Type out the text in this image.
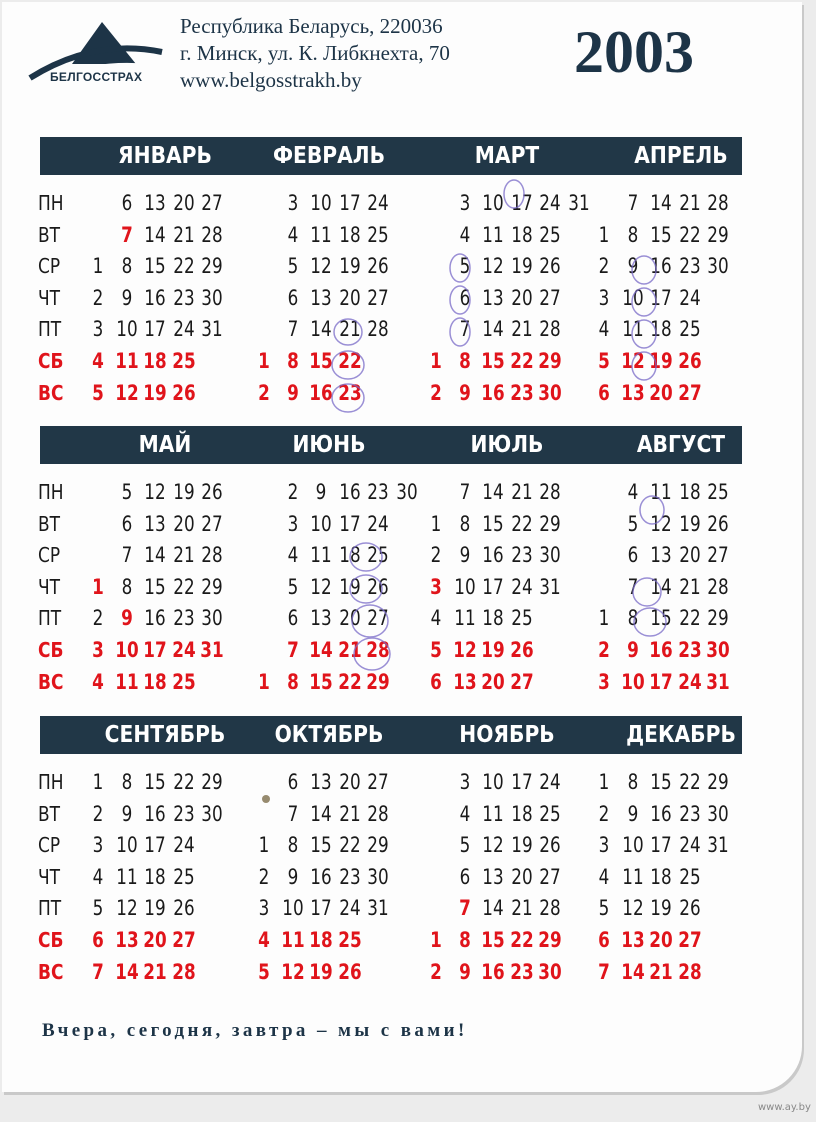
БЕЛГОССТРАХ
Республика Беларусь, 220036
г. Минск, ул. К. Либкнехта, 70
www.belgosstrakh.by	2003
ПН
ВТ
СР
ЧТ
ПТ
СБ
ВС
ЯНВАРЬ
1
2
3
4
5
6
7
8
9
10
11
12
13
14
15
16
17
18
19
20
21
22
23
24
25
26
27
28
29
30
31
ФЕВРАЛЬ
1
2
3
4
5
6
7
8
9
10
11
12
13
14
15
16
17
18
19
20
21
22
23
24
25
26
27
28
МАРТ
1
2
3
4
5
6
7
8
9
10
11
12
13
14
15
16
17
18
19
20
21
22
23
24
25
26
27
28
29
30
31
АПРЕЛЬ
1
2
3
4
5
6
7
8
9
10
11
12
13
14
15
16
17
18
19
20
21
22
23
24
25
26
27
28
29
30
ПН
ВТ
СР
ЧТ
ПТ
СБ
ВС
МАЙ
1
2
3
4
5
6
7
8
9
10
11
12
13
14
15
16
17
18
19
20
21
22
23
24
25
26
27
28
29
30
31
ИЮНЬ
1
2
3
4
5
6
7
8
9
10
11
12
13
14
15
16
17
18
19
20
21
22
23
24
25
26
27
28
29
30
ИЮЛЬ
1
2
3
4
5
6
7
8
9
10
11
12
13
14
15
16
17
18
19
20
21
22
23
24
25
26
27
28
29
30
31
АВГУСТ
1
2
3
4
5
6
7
8
9
10
11
12
13
14
15
16
17
18
19
20
21
22
23
24
25
26
27
28
29
30
31
ПН
ВТ
СР
ЧТ
ПТ
СБ
ВС
СЕНТЯБРЬ
1
2
3
4
5
6
7
8
9
10
11
12
13
14
15
16
17
18
19
20
21
22
23
24
25
26
27
28
29
30
ОКТЯБРЬ
1
2
3
4
5
6
7
8
9
10
11
12
13
14
15
16
17
18
19
20
21
22
23
24
25
26
27
28
29
30
31
НОЯБРЬ
1
2
3
4
5
6
7
8
9
10
11
12
13
14
15
16
17
18
19
20
21
22
23
24
25
26
27
28
29
30
ДЕКАБРЬ
1
2
3
4
5
6
7
8
9
10
11
12
13
14
15
16
17
18
19
20
21
22
23
24
25
26
27
28
29
30
31
Вчера, сегодня, завтра – мы с вами!
www.ay.by
